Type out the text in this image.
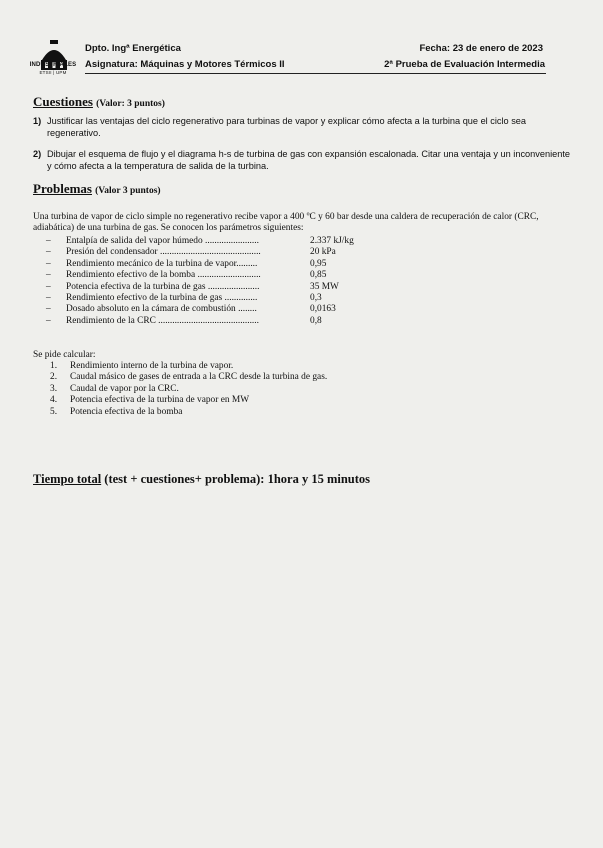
INDUSTRIALES
ETSII | UPM
Dpto. Ingª Energética
Asignatura: Máquinas y Motores Térmicos II
Fecha: 23 de enero de 2023
2ª Prueba de Evaluación Intermedia
Cuestiones (Valor: 3 puntos)
1) Justificar las ventajas del ciclo regenerativo para turbinas de vapor y explicar cómo afecta a la turbina que el ciclo sea regenerativo.
2) Dibujar el esquema de flujo y el diagrama h-s de turbina de gas con expansión escalonada. Citar una ventaja y un inconveniente y cómo afecta a la temperatura de salida de la turbina.
Problemas (Valor 3 puntos)
Una turbina de vapor de ciclo simple no regenerativo recibe vapor a 400 ºC y 60 bar desde una caldera de recuperación de calor (CRC, adiabática) de una turbina de gas. Se conocen los parámetros siguientes:
– Entalpía de salida del vapor húmedo .......................	2.337 kJ/kg
– Presión del condensador ...........................................	20 kPa
– Rendimiento mecánico de la turbina de vapor.........	0,95
– Rendimiento efectivo de la bomba ...........................	0,85
– Potencia efectiva de la turbina de gas ......................	35 MW
– Rendimiento efectivo de la turbina de gas ..............	0,3
– Dosado absoluto en la cámara de combustión ........	0,0163
– Rendimiento de la CRC ...........................................	0,8
Se pide calcular:
1. Rendimiento interno de la turbina de vapor.
2. Caudal másico de gases de entrada a la CRC desde la turbina de gas.
3. Caudal de vapor por la CRC.
4. Potencia efectiva de la turbina de vapor en MW
5. Potencia efectiva de la bomba
Tiempo total (test + cuestiones+ problema): 1hora y 15 minutos
